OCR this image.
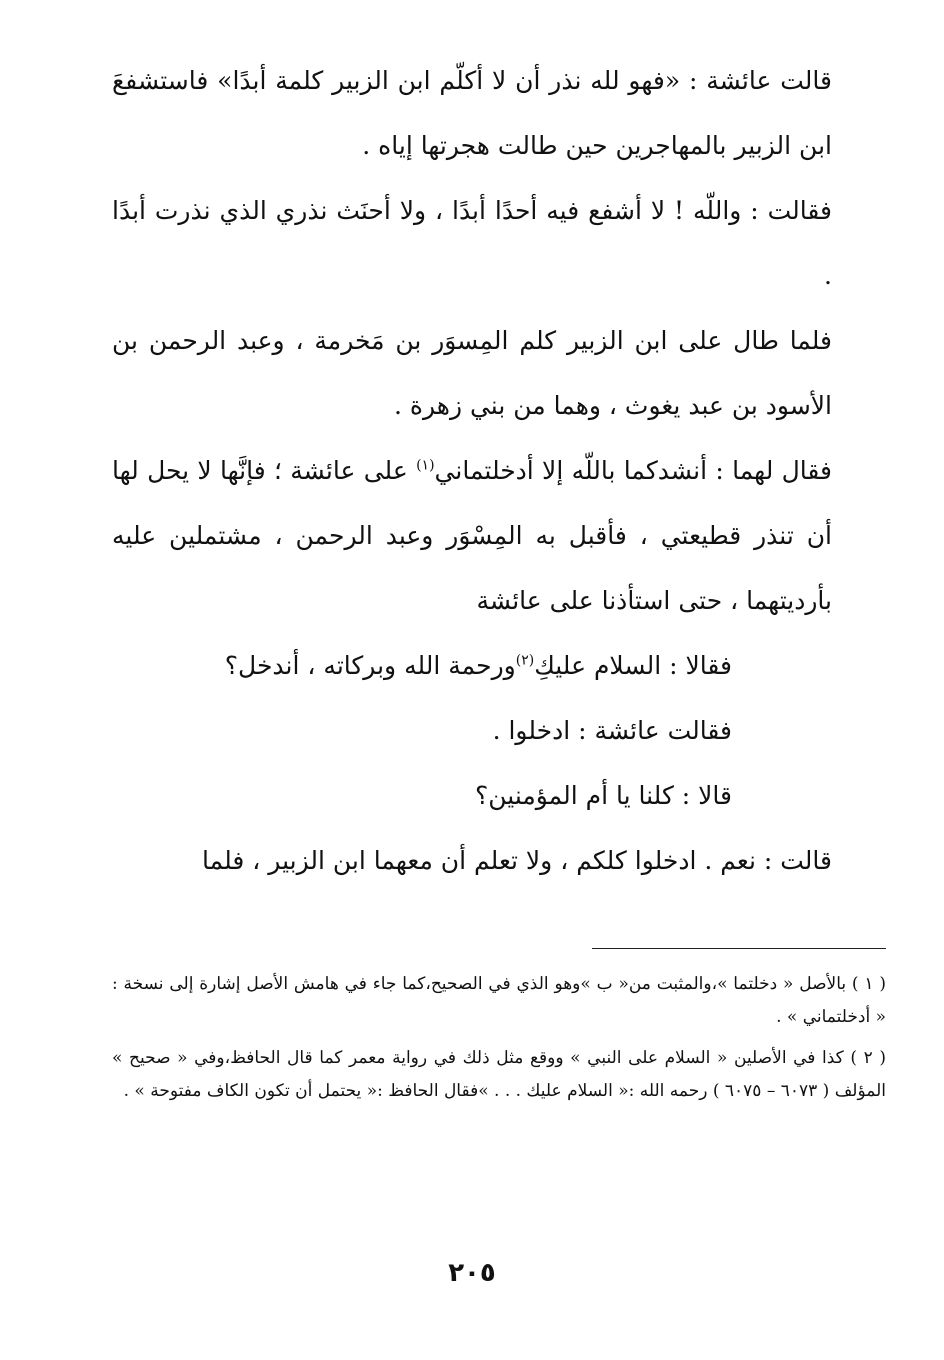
قالت عائشة : «فهو لله نذر أن لا أكلّم ابن الزبير كلمة أبدًا» فاستشفعَ ابن الزبير بالمهاجرين حين طالت هجرتها إياه .

فقالت : واللّه ! لا أشفع فيه أحدًا أبدًا ، ولا أحنَث نذري الذي نذرت أبدًا .

فلما طال على ابن الزبير كلم المِسوَر بن مَخرمة ، وعبد الرحمن بن الأسود بن عبد يغوث ، وهما من بني زهرة .

فقال لهما : أنشدكما باللّه إلا أدخلتماني$^{(١)}$ على عائشة ؛ فإنَّها لا يحل لها أن تنذر قطيعتي ، فأقبل به المِسْوَر وعبد الرحمن ، مشتملين عليه بأرديتهما ، حتى استأذنا على عائشة

فقالا : السلام عليكِ$^{(٢)}$ورحمة الله وبركاته ، أندخل؟

فقالت عائشة : ادخلوا .

قالا : كلنا يا أم المؤمنين؟

قالت : نعم . ادخلوا كلكم ، ولا تعلم أن معهما ابن الزبير ، فلما

( ١ ) بالأصل « دخلتما »،والمثبت من« ب »وهو الذي في الصحيح،كما جاء في هامش الأصل إشارة إلى نسخة : « أدخلتماني » .

( ٢ ) كذا في الأصلين « السلام على النبي » ووقع مثل ذلك في رواية معمر كما قال الحافظ،وفي « صحيح » المؤلف ( ٦٠٧٣ – ٦٠٧٥ ) رحمه الله :« السلام عليك . . . »فقال الحافظ :« يحتمل أن تكون الكاف مفتوحة » .

٢٠٥
